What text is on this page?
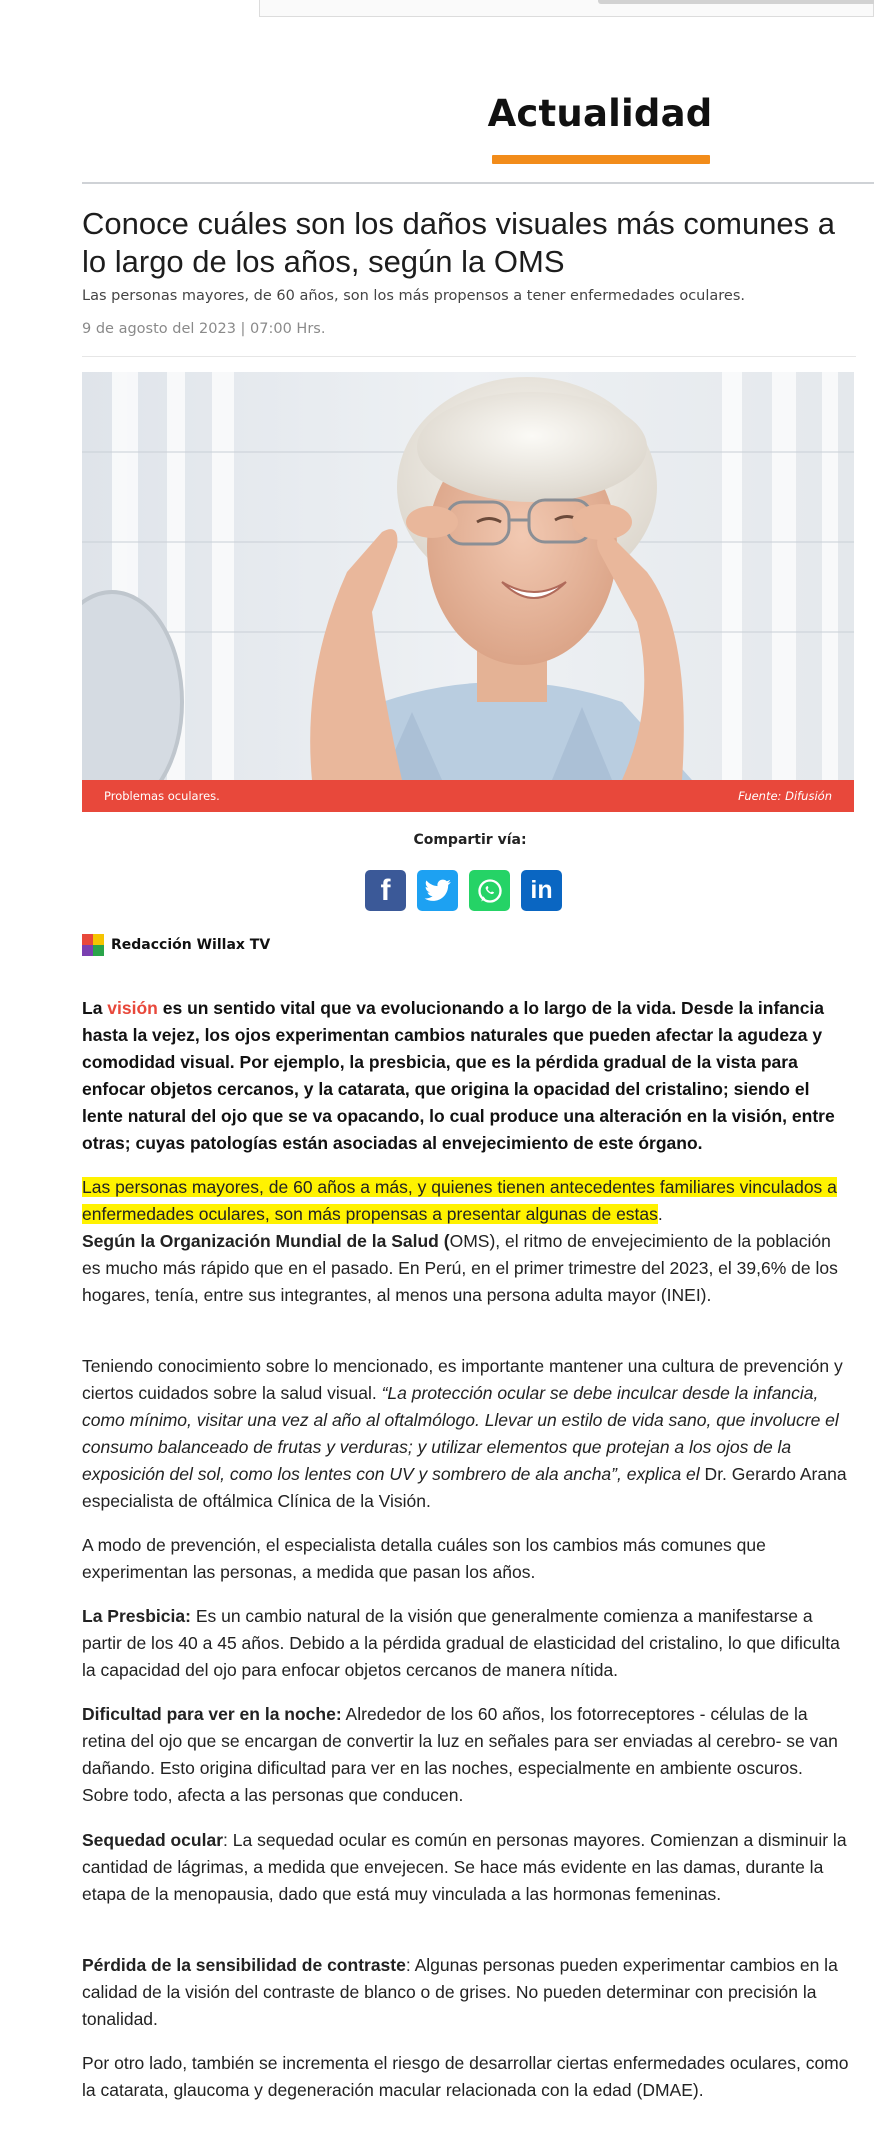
Actualidad
Conoce cuáles son los daños visuales más comunes a lo largo de los años, según la OMS
Las personas mayores, de 60 años, son los más propensos a tener enfermedades oculares.
9 de agosto del 2023 | 07:00 Hrs.
Problemas oculares.	Fuente: Difusión
Compartir vía:
f	in
Redacción Willax TV

La visión es un sentido vital que va evolucionando a lo largo de la vida. Desde la infancia hasta la vejez, los ojos experimentan cambios naturales que pueden afectar la agudeza y comodidad visual. Por ejemplo, la presbicia, que es la pérdida gradual de la vista para enfocar objetos cercanos, y la catarata, que origina la opacidad del cristalino; siendo el lente natural del ojo que se va opacando, lo cual produce una alteración en la visión, entre otras; cuyas patologías están asociadas al envejecimiento de este órgano.

Las personas mayores, de 60 años a más, y quienes tienen antecedentes familiares vinculados a enfermedades oculares, son más propensas a presentar algunas de estas.
Según la Organización Mundial de la Salud (OMS), el ritmo de envejecimiento de la población es mucho más rápido que en el pasado. En Perú, en el primer trimestre del 2023, el 39,6% de los hogares, tenía, entre sus integrantes, al menos una persona adulta mayor (INEI).

Teniendo conocimiento sobre lo mencionado, es importante mantener una cultura de prevención y ciertos cuidados sobre la salud visual. “La protección ocular se debe inculcar desde la infancia, como mínimo, visitar una vez al año al oftalmólogo. Llevar un estilo de vida sano, que involucre el consumo balanceado de frutas y verduras; y utilizar elementos que protejan a los ojos de la exposición del sol, como los lentes con UV y sombrero de ala ancha”, explica el Dr. Gerardo Arana especialista de oftálmica Clínica de la Visión.

A modo de prevención, el especialista detalla cuáles son los cambios más comunes que experimentan las personas, a medida que pasan los años.

La Presbicia: Es un cambio natural de la visión que generalmente comienza a manifestarse a partir de los 40 a 45 años. Debido a la pérdida gradual de elasticidad del cristalino, lo que dificulta la capacidad del ojo para enfocar objetos cercanos de manera nítida.

Dificultad para ver en la noche: Alrededor de los 60 años, los fotorreceptores - células de la retina del ojo que se encargan de convertir la luz en señales para ser enviadas al cerebro- se van dañando. Esto origina dificultad para ver en las noches, especialmente en ambiente oscuros. Sobre todo, afecta a las personas que conducen.

Sequedad ocular: La sequedad ocular es común en personas mayores. Comienzan a disminuir la cantidad de lágrimas, a medida que envejecen. Se hace más evidente en las damas, durante la etapa de la menopausia, dado que está muy vinculada a las hormonas femeninas.

Pérdida de la sensibilidad de contraste: Algunas personas pueden experimentar cambios en la calidad de la visión del contraste de blanco o de grises. No pueden determinar con precisión la tonalidad.

Por otro lado, también se incrementa el riesgo de desarrollar ciertas enfermedades oculares, como la catarata, glaucoma y degeneración macular relacionada con la edad (DMAE).
